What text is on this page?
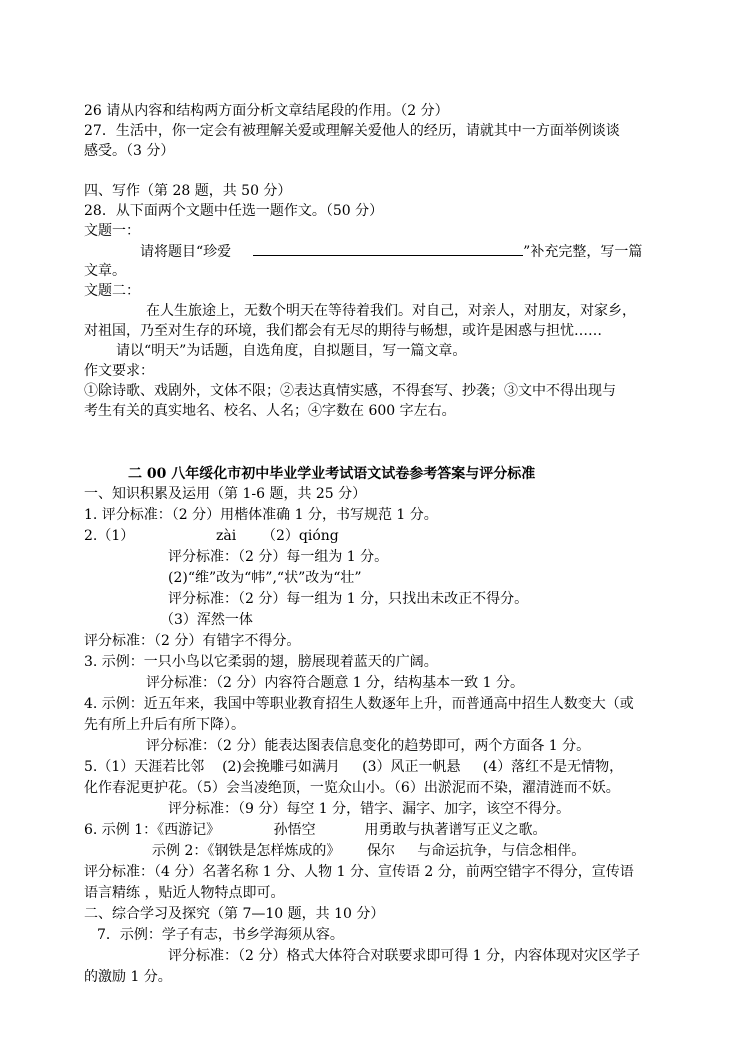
26 请从内容和结构两方面分析文章结尾段的作用。（2 分）
27．生活中，你一定会有被理解关爱或理解关爱他人的经历，请就其中一方面举例谈谈
感受。（3 分）
四、写作（第 28 题，共 50 分）
28．从下面两个文题中任选一题作文。（50 分）
文题一：
请将题目“珍爱	”补充完整，写一篇
文章。
文题二：
在人生旅途上，无数个明天在等待着我们。对自己，对亲人，对朋友，对家乡，
对祖国，乃至对生存的环境，我们都会有无尽的期待与畅想，或许是困惑与担忧……
请以“明天”为话题，自选角度，自拟题目，写一篇文章。
作文要求：
①除诗歌、戏剧外，文体不限；②表达真情实感，不得套写、抄袭；③文中不得出现与
考生有关的真实地名、校名、人名；④字数在 600 字左右。
二 00 八年绥化市初中毕业学业考试语文试卷参考答案与评分标准
一、知识积累及运用（第 1-6 题，共 25 分）
1. 评分标准：（2 分）用楷体准确 1 分，书写规范 1 分。
2.（1）	zài （2）qióng
评分标准：（2 分）每一组为 1 分。
(2)“维”改为“帏”,“状”改为“壮”
评分标准：（2 分）每一组为 1 分，只找出未改正不得分。
（3）浑然一体
评分标准：（2 分）有错字不得分。
3. 示例：一只小鸟以它柔弱的翅，膀展现着蓝天的广阔。
评分标准：（2 分）内容符合题意 1 分，结构基本一致 1 分。
4. 示例：近五年来，我国中等职业教育招生人数逐年上升，而普通高中招生人数变大（或
先有所上升后有所下降）。
评分标准：（2 分）能表达图表信息变化的趋势即可，两个方面各 1 分。
5.（1）天涯若比邻    (2)会挽雕弓如满月     (3）风正一帆悬     (4）落红不是无情物，
化作春泥更护花。（5）会当凌绝顶，一览众山小。（6）出淤泥而不染，濯清涟而不妖。
评分标准：（9 分）每空 1 分，错字、漏字、加字，该空不得分。
6. 示例 1：《西游记》            孙悟空           用勇敢与执著谱写正义之歌。
示例 2：《钢铁是怎样炼成的》      保尔     与命运抗争，与信念相伴。
评分标准：（4 分）名著名称 1 分、人物 1 分、宣传语 2 分，前两空错字不得分，宣传语
语言精练 ，贴近人物特点即可。
二、综合学习及探究（第 7—10 题，共 10 分）
7．示例：学子有志，书乡学海须从容。
评分标准：（2 分）格式大体符合对联要求即可得 1 分，内容体现对灾区学子
的激励 1 分。
